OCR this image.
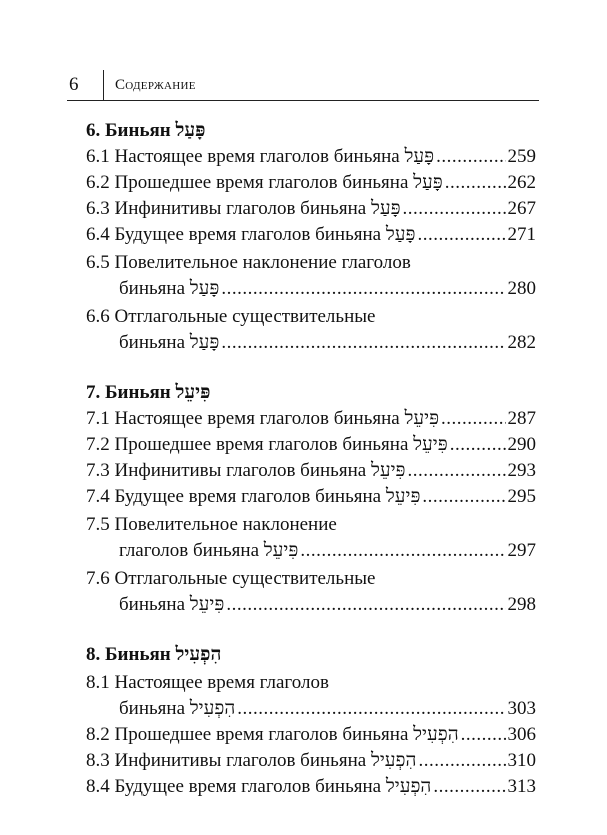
6 Содержание
6. Биньян פָּעַל
6.1 Настоящее время глаголов биньяна פָּעַל .....	259
6.2 Прошедшее время глаголов биньяна פָּעַל .....	262
6.3 Инфинитивы глаголов биньяна פָּעַל .....	267
6.4 Будущее время глаголов биньяна פָּעַל .....	271
6.5 Повелительное наклонение глаголов
биньяна פָּעַל .....	280
6.6 Отглагольные существительные
биньяна פָּעַל .....	282
7. Биньян פִּיעֵל
7.1 Настоящее время глаголов биньяна פִּיעֵל .....	287
7.2 Прошедшее время глаголов биньяна פִּיעֵל .....	290
7.3 Инфинитивы глаголов биньяна פִּיעֵל .....	293
7.4 Будущее время глаголов биньяна פִּיעֵל .....	295
7.5 Повелительное наклонение
глаголов биньяна פִּיעֵל .....	297
7.6 Отглагольные существительные
биньяна פִּיעֵל .....	298
8. Биньян הִפְעִיל
8.1 Настоящее время глаголов
биньяна הִפְעִיל .....	303
8.2 Прошедшее время глаголов биньяна הִפְעִיל .....	306
8.3 Инфинитивы глаголов биньяна הִפְעִיל .....	310
8.4 Будущее время глаголов биньяна הִפְעִיל .....	313
